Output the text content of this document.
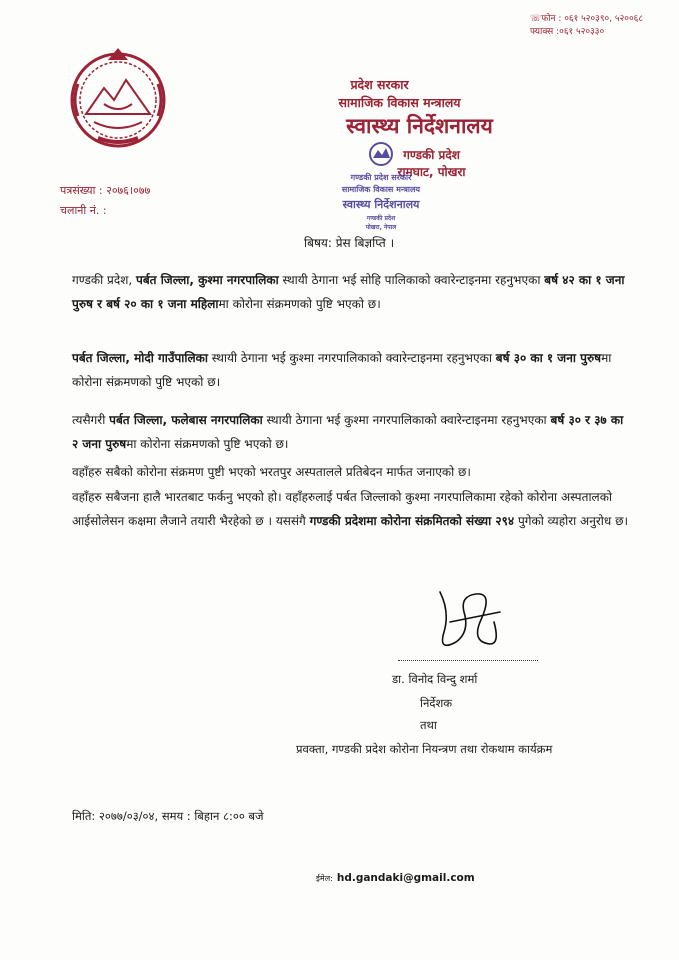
☏फोन : ०६१ ५२०३९०, ५२००६८
फ्याक्स :०६१ ५२०३३०
प्रदेश सरकार
सामाजिक विकास मन्त्रालय
स्वास्थ्य निर्देशनालय
गण्डकी प्रदेश
रामघाट, पोखरा
गण्डकी प्रदेश सरकार
सामाजिक विकास मन्त्रालय
स्वास्थ्य निर्देशनालय
गण्डकी प्रदेश
पोखरा, नेपाल
पत्रसंख्या : २०७६।०७७
चलानी नं. :
बिषय: प्रेस बिज्ञप्ति ।

गण्डकी प्रदेश, पर्बत जिल्ला, कुश्मा नगरपालिका स्थायी ठेगाना भई सोहि पालिकाको क्वारेन्टाइनमा रहनुभएका बर्ष ४२ का १ जना पुरुष र बर्ष २० का १ जना महिलामा कोरोना संक्रमणको पुष्टि भएको छ।

पर्बत जिल्ला, मोदी गाउँपालिका स्थायी ठेगाना भई कुश्मा नगरपालिकाको क्वारेन्टाइनमा रहनुभएका बर्ष ३० का १ जना पुरुषमा कोरोना संक्रमणको पुष्टि भएको छ।

त्यसैगरी पर्बत जिल्ला, फलेबास नगरपालिका स्थायी ठेगाना भई कुश्मा नगरपालिकाको क्वारेन्टाइनमा रहनुभएका बर्ष ३० र ३७ का २ जना पुरुषमा कोरोना संक्रमणको पुष्टि भएको छ।

वहाँहरु सबैको कोरोना संक्रमण पुष्टी भएको भरतपुर अस्पतालले प्रतिबेदन मार्फत जनाएको छ।

वहाँहरु सबैजना हालै भारतबाट फर्कनु भएको हो। वहाँहरुलाई पर्बत जिल्लाको कुश्मा नगरपालिकामा रहेको कोरोना अस्पतालको आईसोलेसन कक्षमा लैजाने तयारी भैरहेको छ । यससंगै गण्डकी प्रदेशमा कोरोना संक्रमितको संख्या २९४ पुगेको व्यहोरा अनुरोध छ।

डा. विनोद विन्दु शर्मा
निर्देशक
तथा
प्रवक्ता, गण्डकी प्रदेश कोरोना नियन्त्रण तथा रोकथाम कार्यक्रम
मिति: २०७७/०३/०४, समय : बिहान ८:०० बजे
ईमेल: hd.gandaki@gmail.com
